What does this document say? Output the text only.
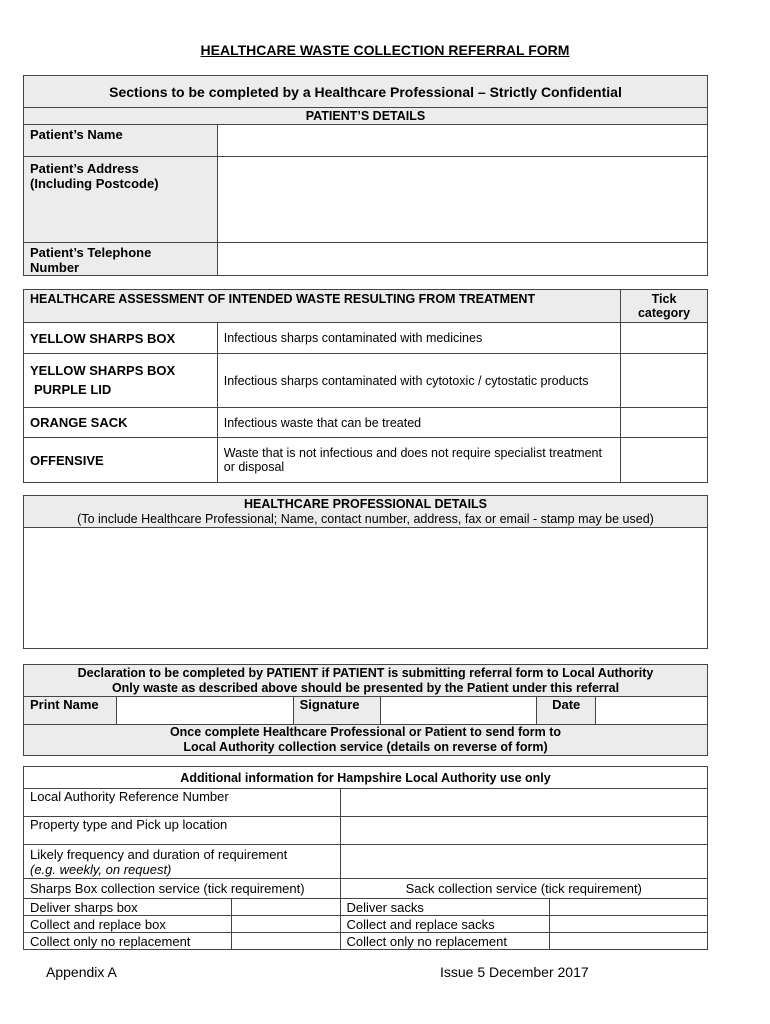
HEALTHCARE WASTE COLLECTION REFERRAL FORM
Sections to be completed by a Healthcare Professional – Strictly Confidential	
PATIENT’S DETAILS	
Patient’s Name	

Patient’s Address
(Including Postcode)	

Patient’s Telephone
Number	

HEALTHCARE ASSESSMENT OF INTENDED WASTE RESULTING FROM TREATMENT		Tick category
YELLOW SHARPS BOX	Infectious sharps contaminated with medicines	

YELLOW SHARPS BOX
PURPLE LID	Infectious sharps contaminated with cytotoxic / cytostatic products	
ORANGE SACK	Infectious waste that can be treated	
OFFENSIVE	Waste that is not infectious and does not require specialist treatment or disposal	
HEALTHCARE PROFESSIONAL DETAILS
(To include Healthcare Professional; Name, contact number, address, fax or email - stamp may be used)

Declaration to be completed by PATIENT if PATIENT is submitting referral form to Local Authority
Only waste as described above should be presented by the Patient under this referral

Print Name		Signature		Date	

Once complete Healthcare Professional or Patient to send form to
Local Authority collection service (details on reverse of form)
Additional information for Hampshire Local Authority use only			
Local Authority Reference Number			
Property type and Pick up location			

Likely frequency and duration of requirement
(e.g. weekly, on request)			

Sharps Box collection service (tick requirement)		Sack collection service (tick requirement)	
Deliver sharps box		Deliver sacks	
Collect and replace box		Collect and replace sacks	
Collect only no replacement		Collect only no replacement	
Appendix A	Issue 5 December 2017
